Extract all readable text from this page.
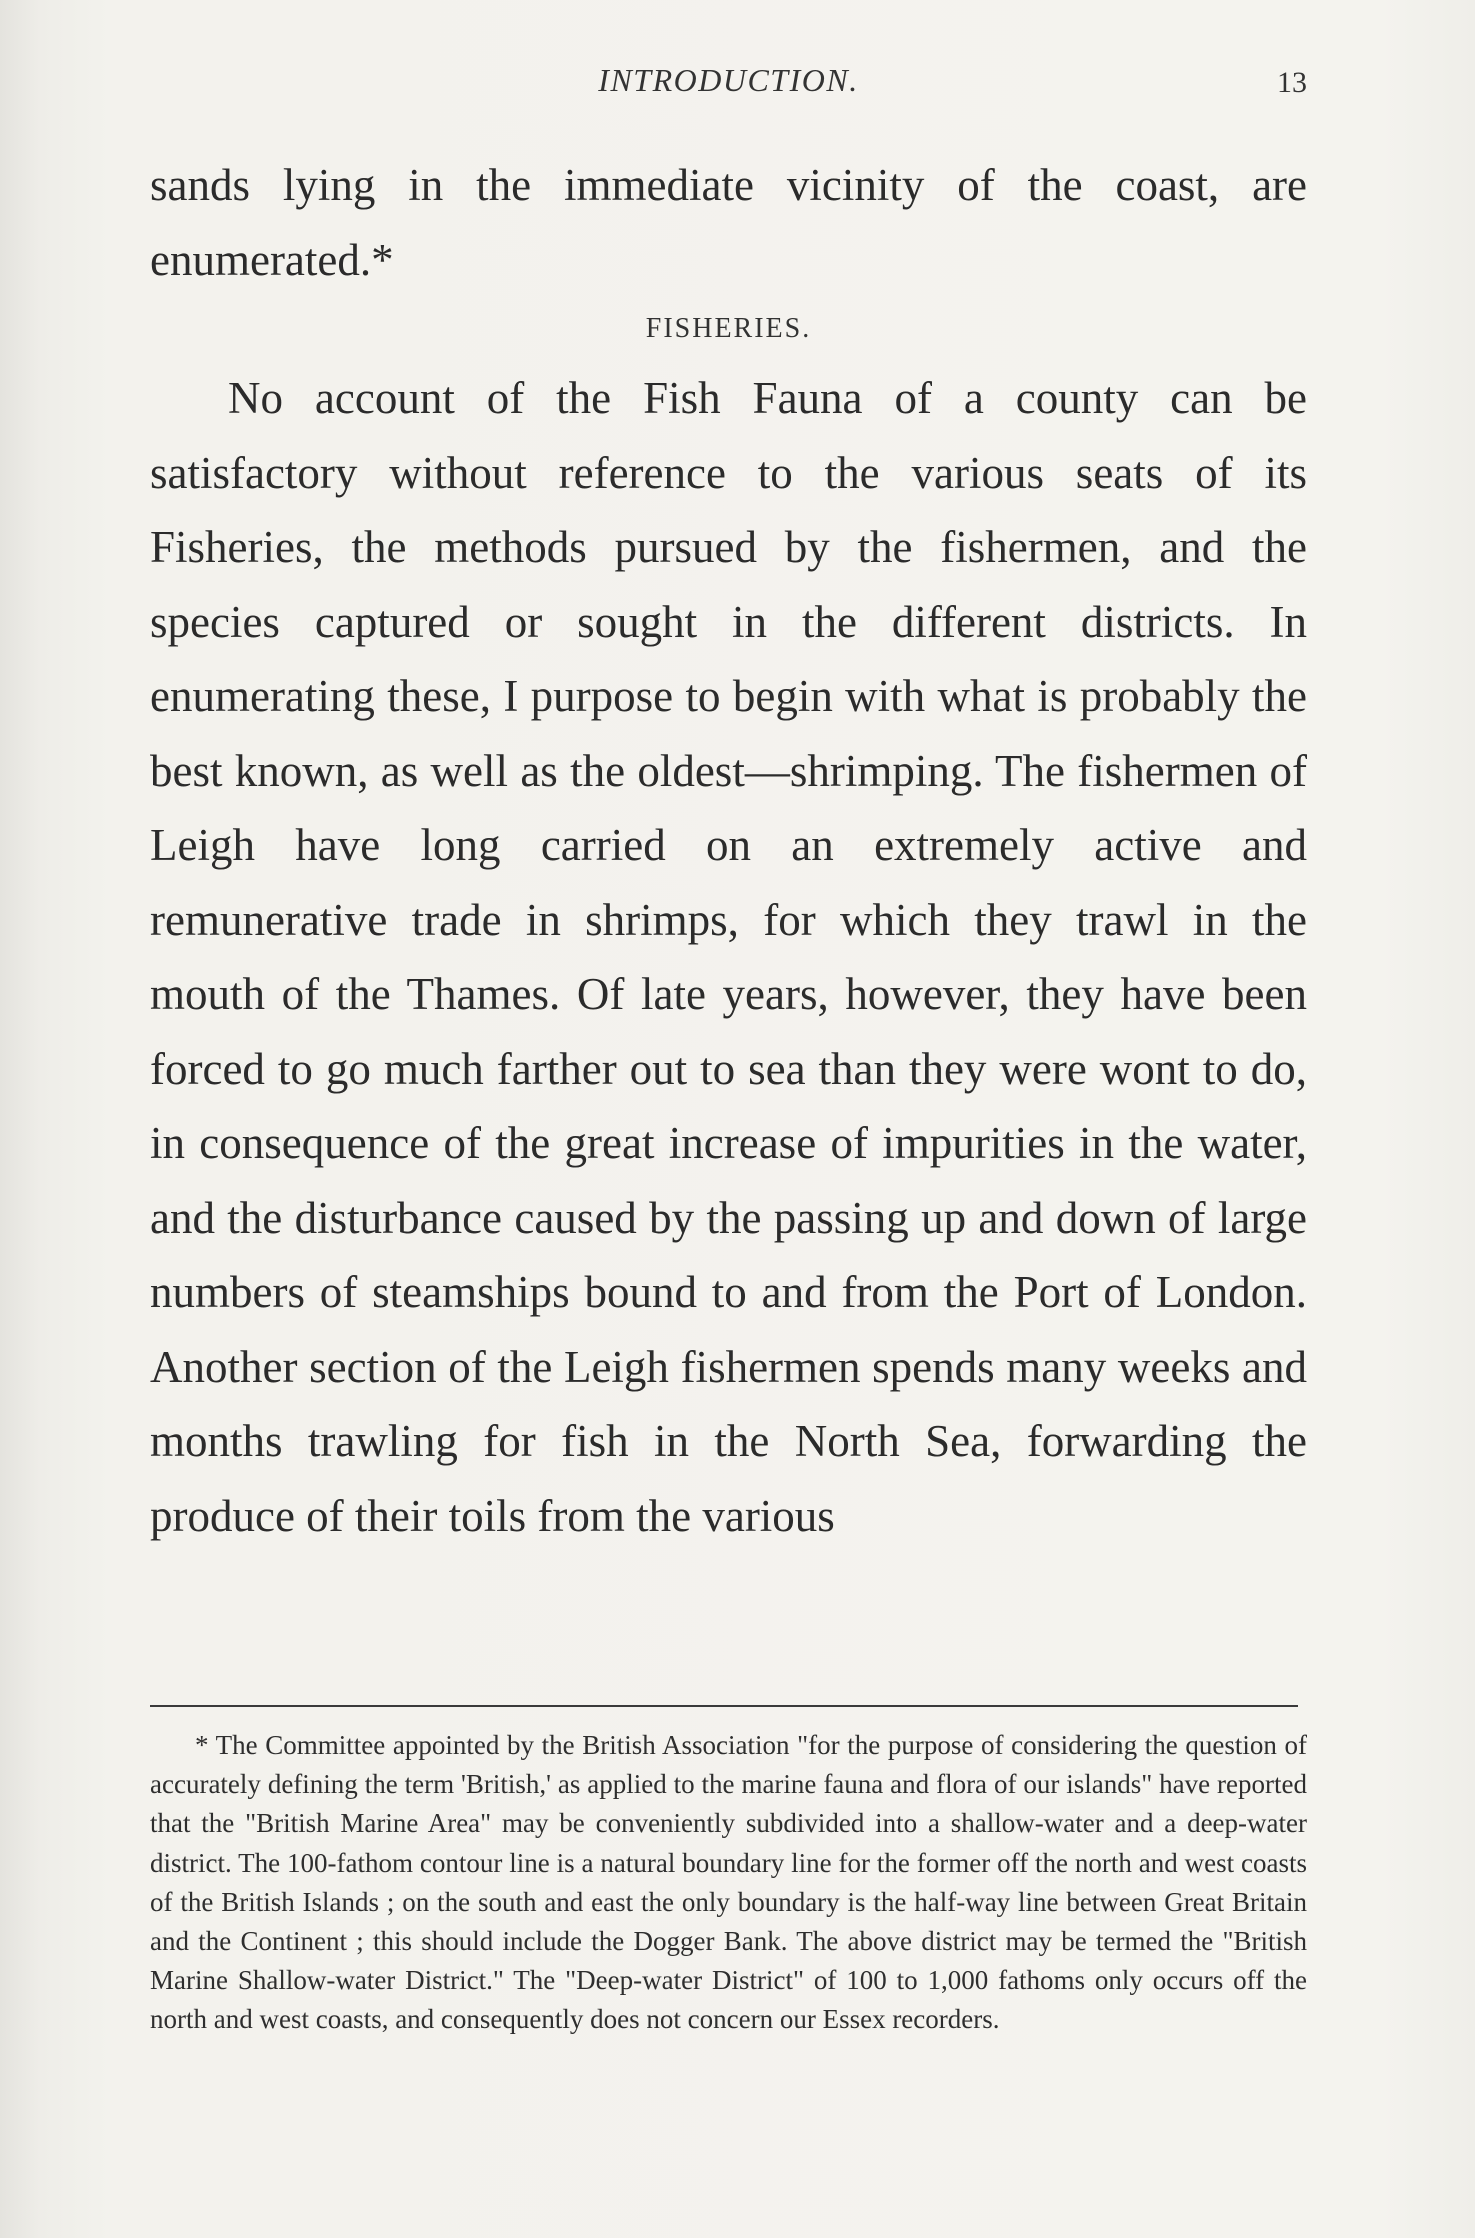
INTRODUCTION.	13

sands lying in the immediate vicinity of the coast, are enumerated.*

FISHERIES.

No account of the Fish Fauna of a county can be satisfactory without reference to the various seats of its Fisheries, the methods pursued by the fishermen, and the species captured or sought in the different districts. In enumerating these, I purpose to begin with what is probably the best known, as well as the oldest—shrimping. The fishermen of Leigh have long carried on an extremely active and remunerative trade in shrimps, for which they trawl in the mouth of the Thames. Of late years, however, they have been forced to go much farther out to sea than they were wont to do, in consequence of the great increase of impurities in the water, and the disturbance caused by the passing up and down of large numbers of steamships bound to and from the Port of London. Another section of the Leigh fishermen spends many weeks and months trawling for fish in the North Sea, forwarding the produce of their toils from the various

* The Committee appointed by the British Association "for the purpose of considering the question of accurately defining the term 'British,' as applied to the marine fauna and flora of our islands" have reported that the "British Marine Area" may be conveniently subdivided into a shallow-water and a deep-water district. The 100-fathom contour line is a natural boundary line for the former off the north and west coasts of the British Islands ; on the south and east the only boundary is the half-way line between Great Britain and the Continent ; this should include the Dogger Bank. The above district may be termed the "British Marine Shallow-water District." The "Deep-water District" of 100 to 1,000 fathoms only occurs off the north and west coasts, and consequently does not concern our Essex recorders.
